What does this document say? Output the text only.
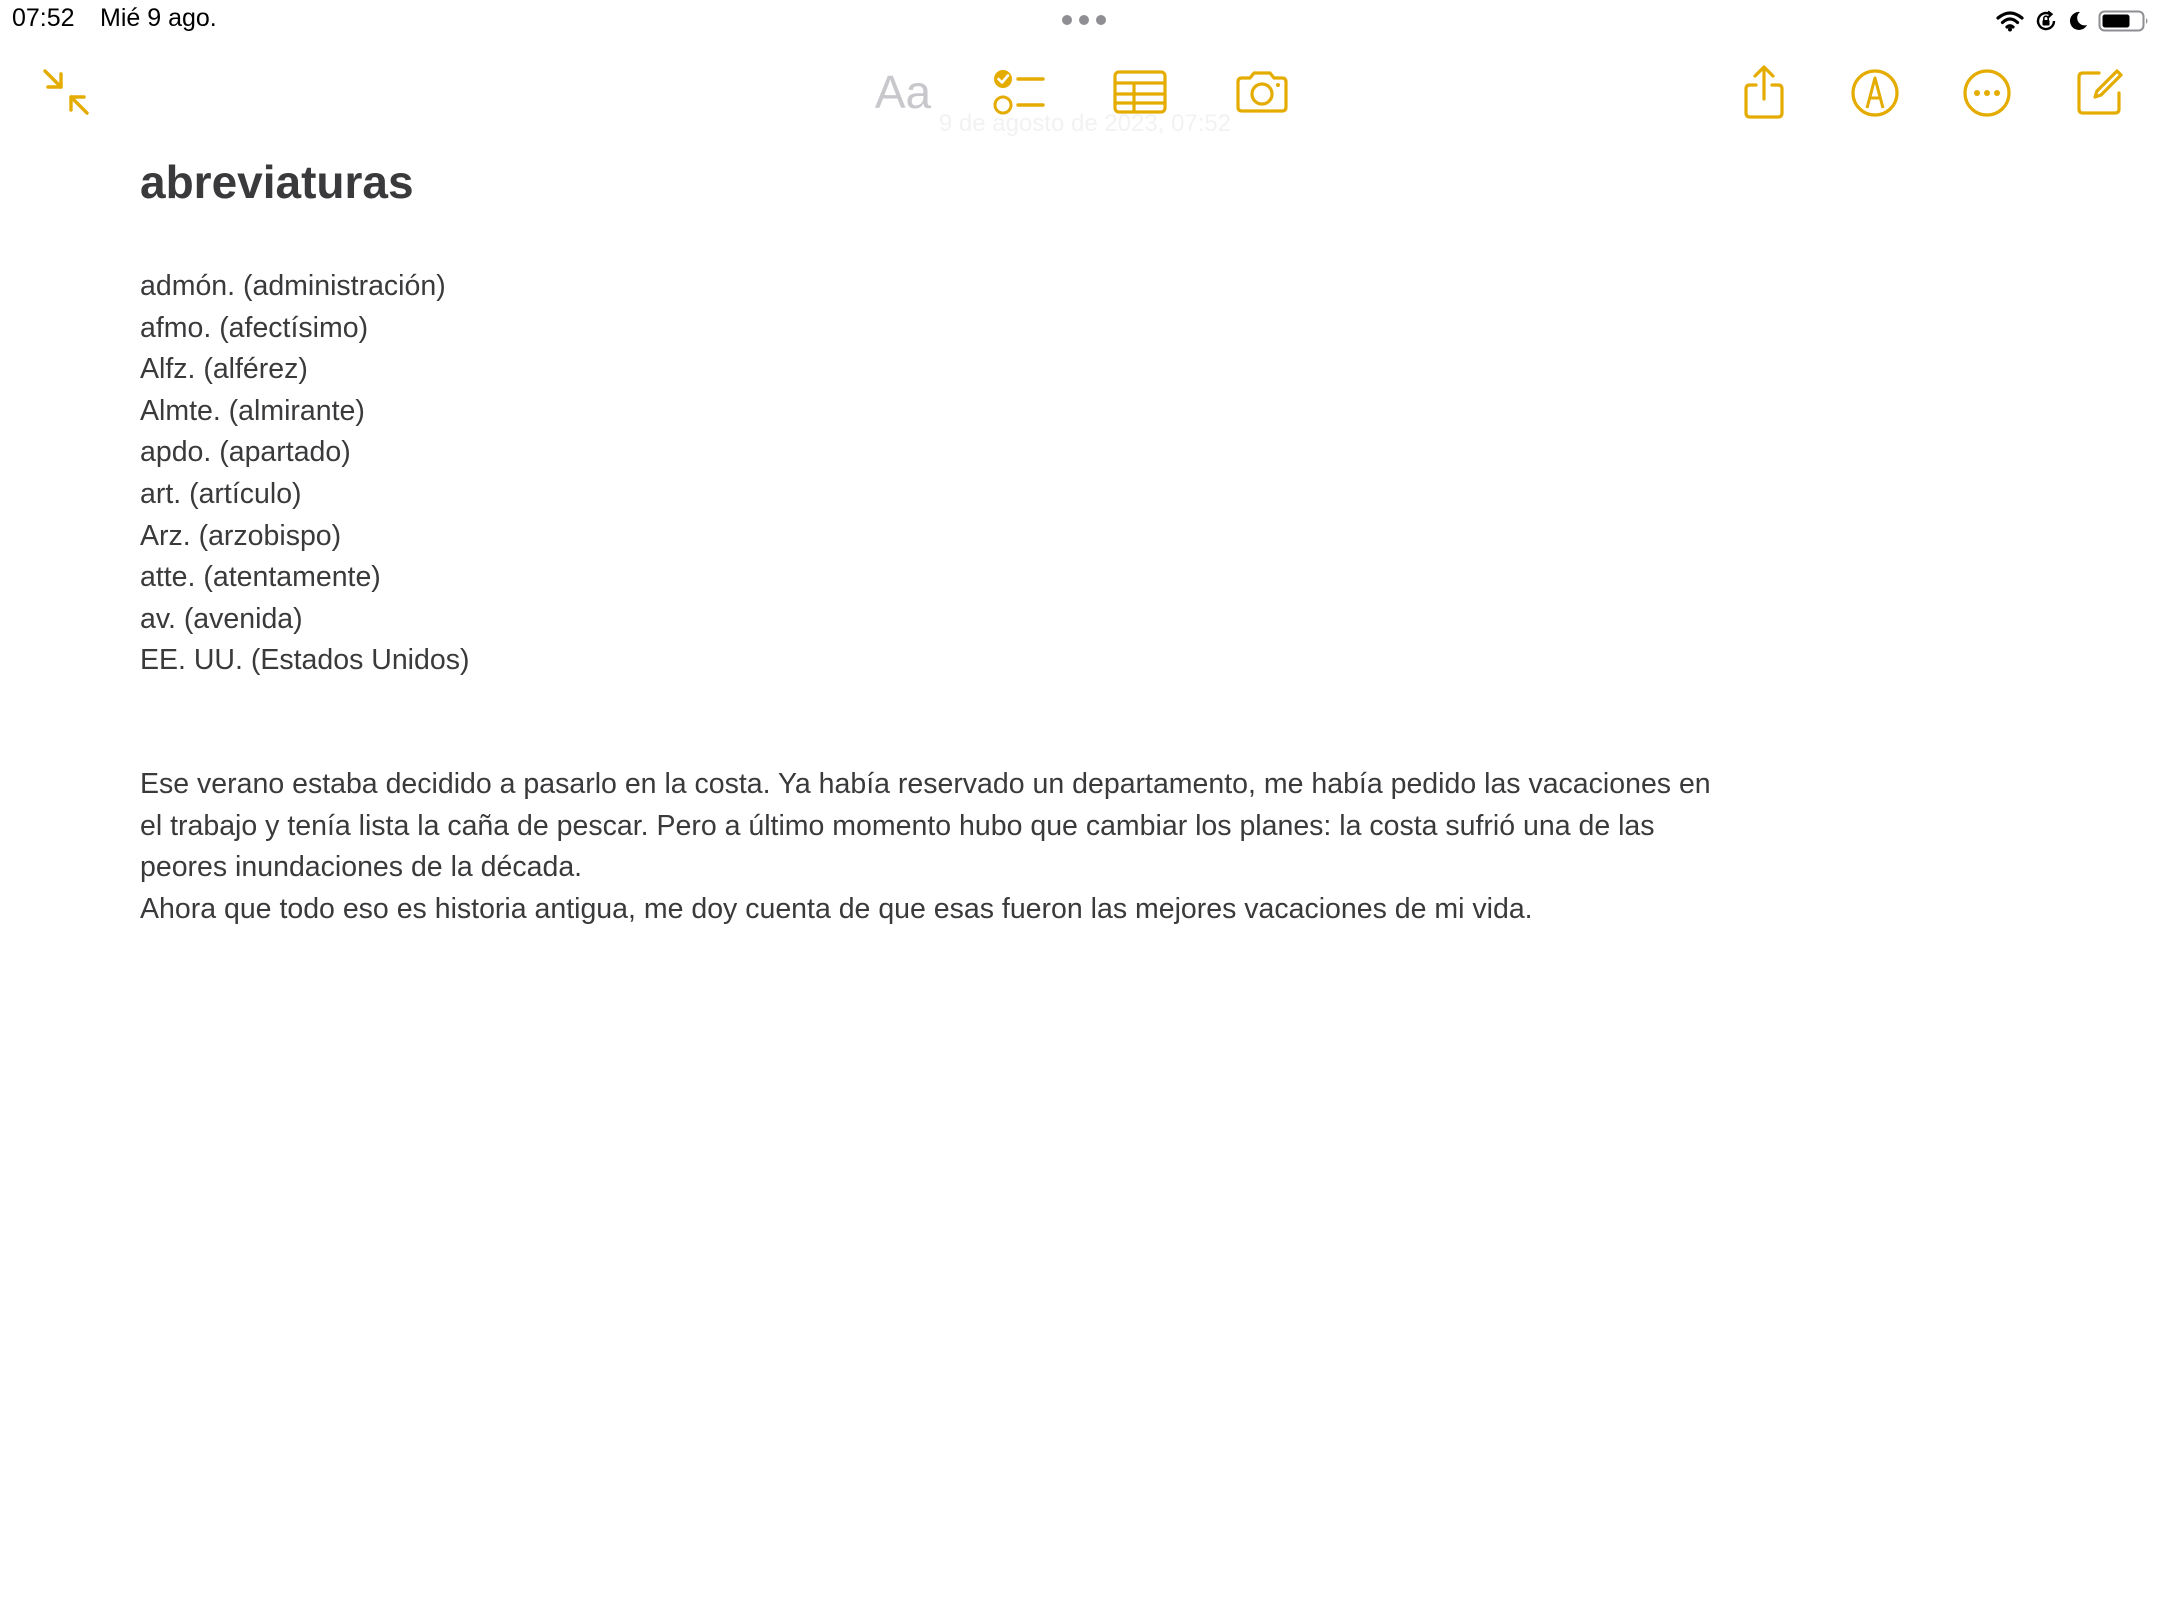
07:52 Mié 9 ago.
Aa
9 de agosto de 2023, 07:52
abreviaturas
admón. (administración)
afmo. (afectísimo)
Alfz. (alférez)
Almte. (almirante)
apdo. (apartado)
art. (artículo)
Arz. (arzobispo)
atte. (atentamente)
av. (avenida)
EE. UU. (Estados Unidos)

Ese verano estaba decidido a pasarlo en la costa. Ya había reservado un departamento, me había pedido las vacaciones en el trabajo y tenía lista la caña de pescar. Pero a último momento hubo que cambiar los planes: la costa sufrió una de las peores inundaciones de la década.

Ahora que todo eso es historia antigua, me doy cuenta de que esas fueron las mejores vacaciones de mi vida.
